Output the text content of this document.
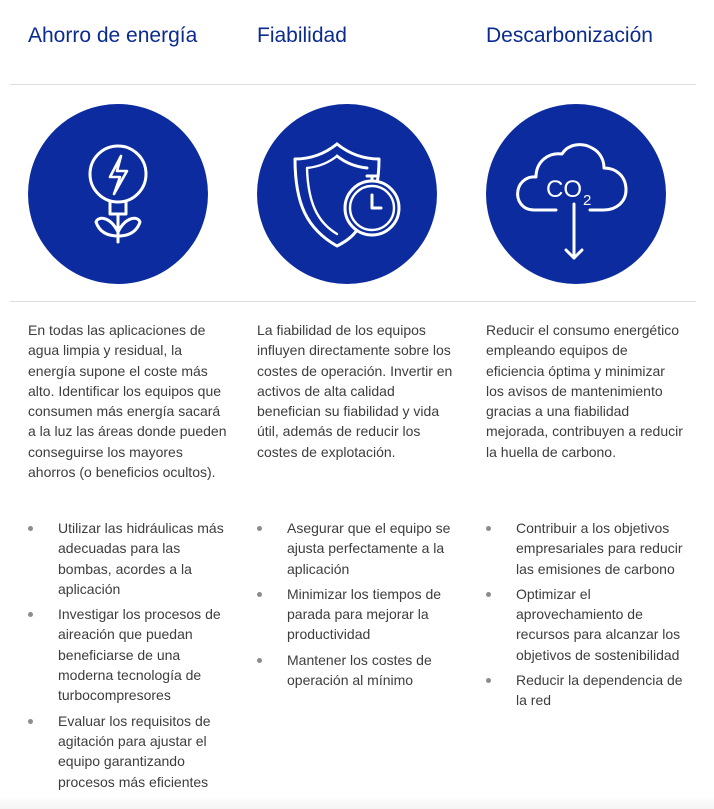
Ahorro de energía
En todas las aplicaciones de agua limpia y residual, la energía supone el coste más alto. Identificar los equipos que consumen más energía sacará a la luz las áreas donde pueden conseguirse los mayores ahorros (o beneficios ocultos).
Utilizar las hidráulicas más adecuadas para las bombas, acordes a la aplicación
Investigar los procesos de aireación que puedan beneficiarse de una moderna tecnología de turbocompresores
Evaluar los requisitos de agitación para ajustar el equipo garantizando procesos más eficientes
Fiabilidad
La fiabilidad de los equipos influyen directamente sobre los costes de operación. Invertir en activos de alta calidad benefician su fiabilidad y vida útil, además de reducir los costes de explotación.
Asegurar que el equipo se ajusta perfectamente a la aplicación
Minimizar los tiempos de parada para mejorar la productividad
Mantener los costes de operación al mínimo
Descarbonización
CO 2
Reducir el consumo energético empleando equipos de eficiencia óptima y minimizar los avisos de mantenimiento gracias a una fiabilidad mejorada, contribuyen a reducir la huella de carbono.
Contribuir a los objetivos empresariales para reducir las emisiones de carbono
Optimizar el aprovechamiento de recursos para alcanzar los objetivos de sostenibilidad
Reducir la dependencia de la red
